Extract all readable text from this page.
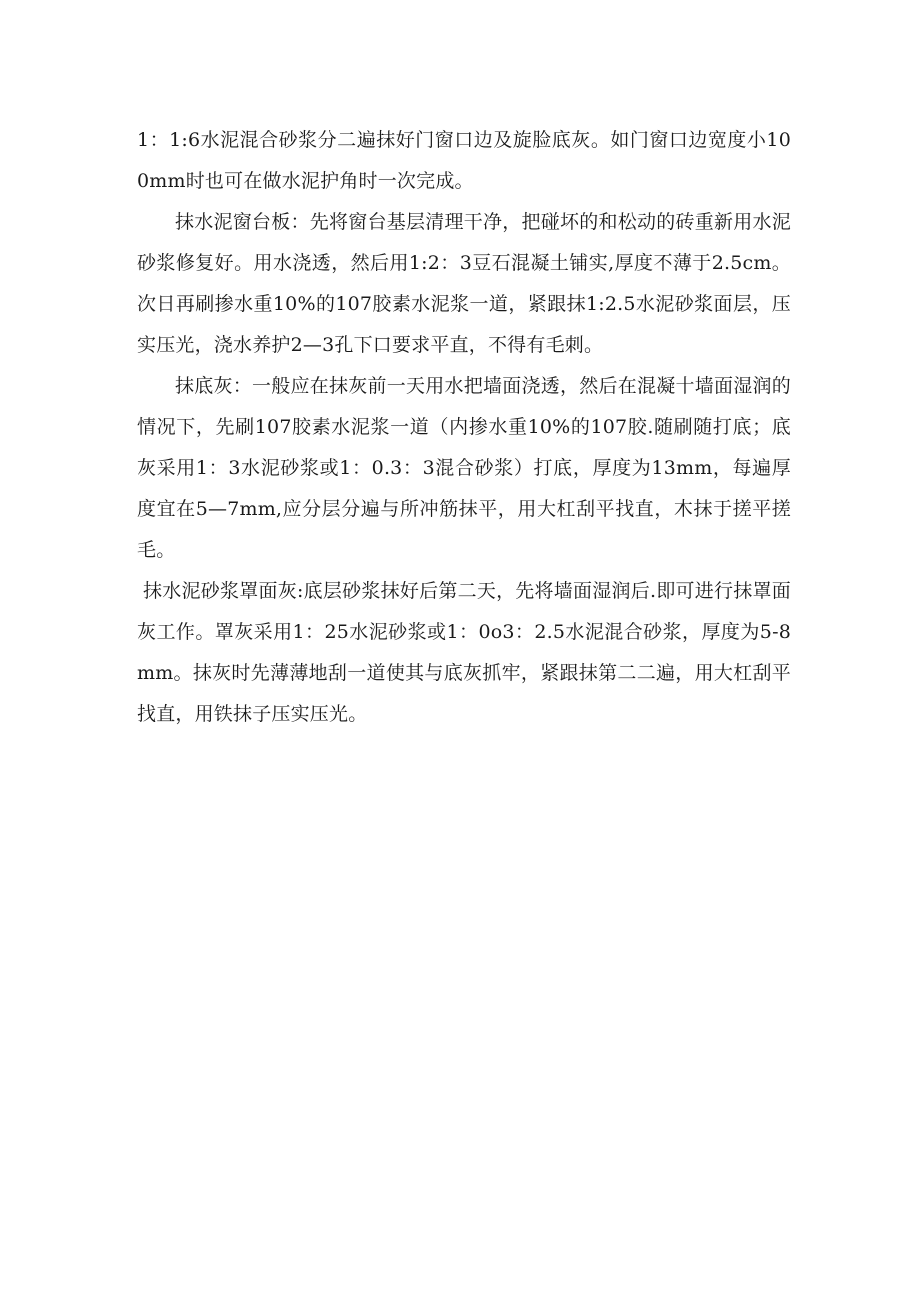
1：1:6水泥混合砂浆分二遍抹好门窗口边及旋脸底灰。如门窗口边宽度小100mm时也可在做水泥护角时一次完成。

抹水泥窗台板：先将窗台基层清理干净，把碰坏的和松动的砖重新用水泥砂浆修复好。用水浇透，然后用1:2：3豆石混凝土铺实,厚度不薄于2.5cm。次日再刷掺水重10%的107胶素水泥浆一道，紧跟抹1:2.5水泥砂浆面层，压实压光，浇水养护2—3孔下口要求平直，不得有毛刺。

抹底灰：一般应在抹灰前一天用水把墙面浇透，然后在混凝十墙面湿润的情况下，先刷107胶素水泥浆一道（内掺水重10%的107胶.随刷随打底；底灰采用1：3水泥砂浆或1：0.3：3混合砂浆）打底，厚度为13mm，每遍厚度宜在5—7mm,应分层分遍与所冲筋抹平，用大杠刮平找直，木抹于搓平搓毛。

抹水泥砂浆罩面灰:底层砂浆抹好后第二天，先将墙面湿润后.即可进行抹罩面灰工作。罩灰采用1：25水泥砂浆或1：0o3：2.5水泥混合砂浆，厚度为5-8mm。抹灰时先薄薄地刮一道使其与底灰抓牢，紧跟抹第二二遍，用大杠刮平找直，用铁抹子压实压光。
